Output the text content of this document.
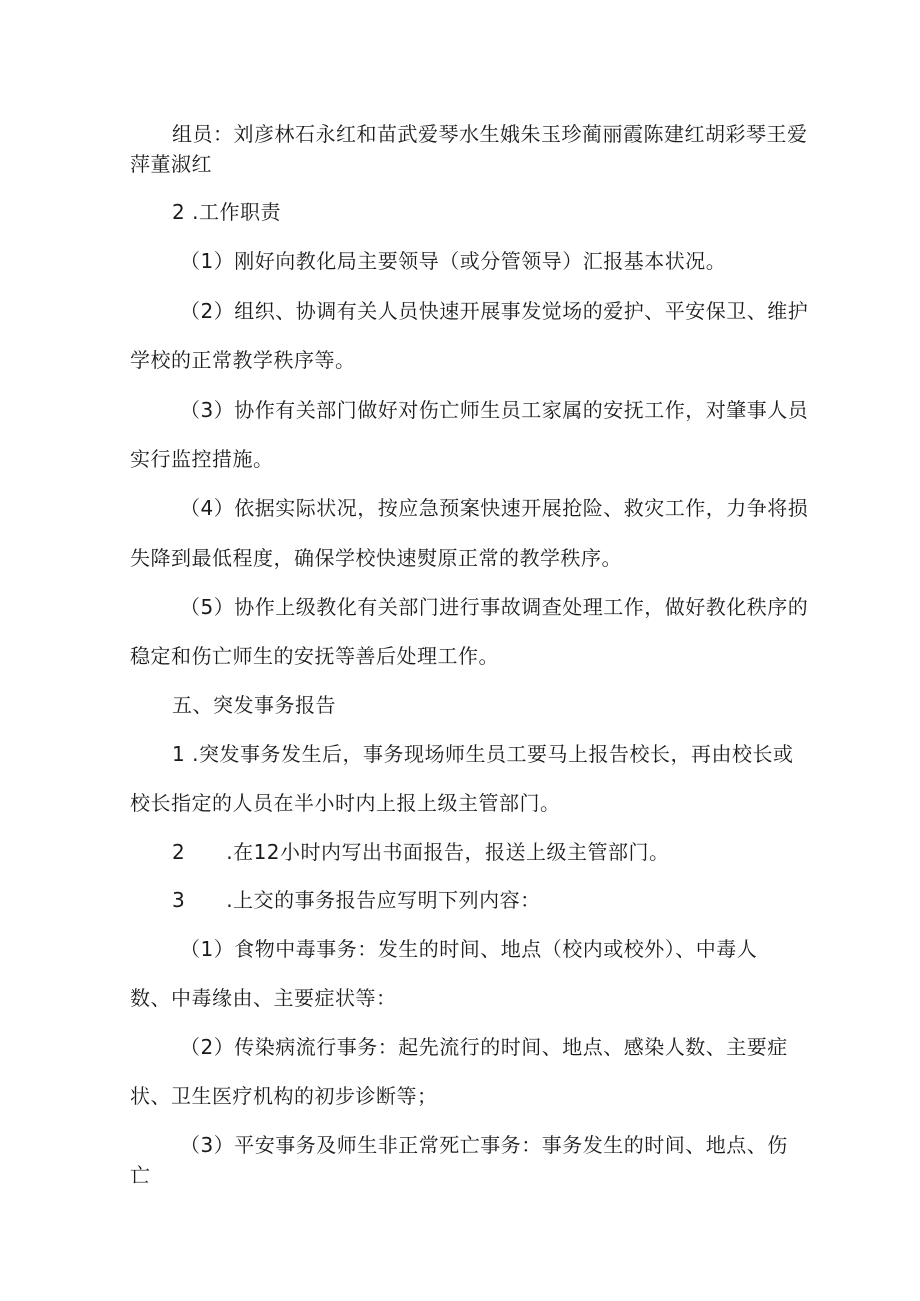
组员：刘彦林石永红和苗武爱琴水生娥朱玉珍蔺丽霞陈建红胡彩琴王爱
萍董淑红
2 .工作职责
（1）刚好向教化局主要领导（或分管领导）汇报基本状况。
（2）组织、协调有关人员快速开展事发觉场的爱护、平安保卫、维护
学校的正常教学秩序等。
（3）协作有关部门做好对伤亡师生员工家属的安抚工作，对肇事人员
实行监控措施。
（4）依据实际状况，按应急预案快速开展抢险、救灾工作，力争将损
失降到最低程度，确保学校快速熨原正常的教学秩序。
（5）协作上级教化有关部门进行事故调查处理工作，做好教化秩序的
稳定和伤亡师生的安抚等善后处理工作。
五、突发事务报告
1 .突发事务发生后，事务现场师生员工要马上报告校长，再由校长或
校长指定的人员在半小时内上报上级主管部门。
2　　.在12小时内写出书面报告，报送上级主管部门。
3　　.上交的事务报告应写明下列内容：
（1）食物中毒事务：发生的时间、地点（校内或校外）、中毒人
数、中毒缘由、主要症状等：
（2）传染病流行事务：起先流行的时间、地点、感染人数、主要症
状、卫生医疗机构的初步诊断等；
（3）平安事务及师生非正常死亡事务：事务发生的时间、地点、伤
亡
